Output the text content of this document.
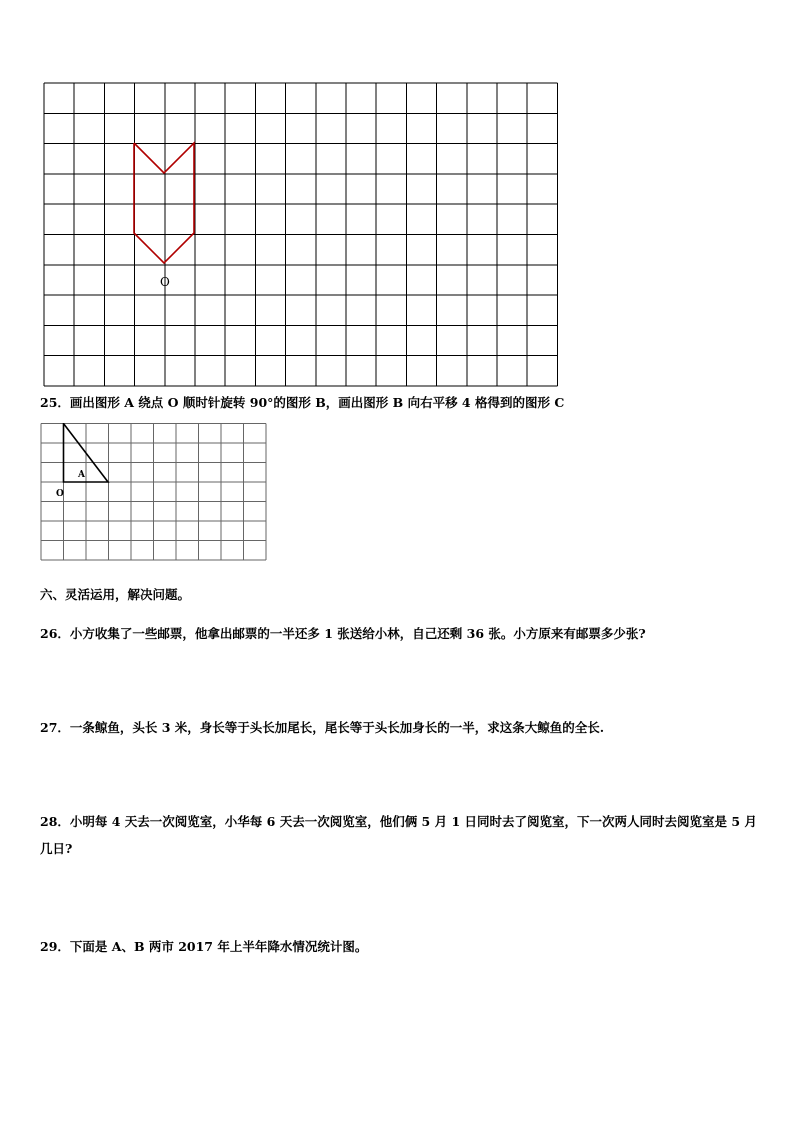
O
25．画出图形 A 绕点 O 顺时针旋转 90°的图形 B，画出图形 B 向右平移 4 格得到的图形 C
A
O
六、灵活运用，解决问题。
26．小方收集了一些邮票，他拿出邮票的一半还多 1 张送给小林，自己还剩 36 张。小方原来有邮票多少张?
27．一条鲸鱼，头长 3 米，身长等于头长加尾长，尾长等于头长加身长的一半，求这条大鲸鱼的全长.
28．小明每 4 天去一次阅览室，小华每 6 天去一次阅览室，他们俩 5 月 1 日同时去了阅览室，下一次两人同时去阅览室是 5 月几日?
29．下面是 A、B 两市 2017 年上半年降水情况统计图。
